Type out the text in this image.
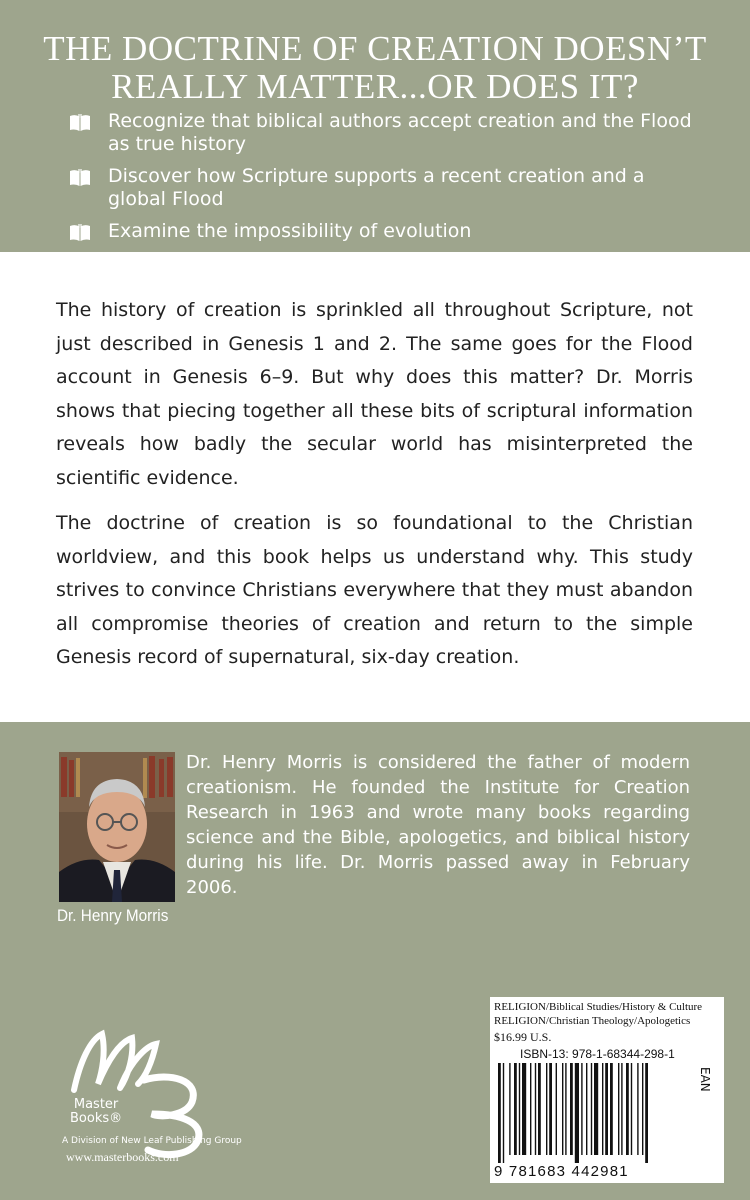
THE DOCTRINE OF CREATION DOESN’T
REALLY MATTER...OR DOES IT?
Recognize that biblical authors accept creation and the Flood as true history
Discover how Scripture supports a recent creation and a global Flood
Examine the impossibility of evolution

The history of creation is sprinkled all throughout Scripture, not just described in Genesis 1 and 2. The same goes for the Flood account in Genesis 6–9. But why does this matter? Dr. Morris shows that piecing together all these bits of scriptural information reveals how badly the secular world has misinterpreted the scientific evidence.

The doctrine of creation is so foundational to the Christian worldview, and this book helps us understand why. This study strives to convince Christians everywhere that they must abandon all compromise theories of creation and return to the simple Genesis record of supernatural, six-day creation.

Dr. Henry Morris

Dr. Henry Morris is considered the father of modern creationism. He founded the Institute for Creation Research in 1963 and wrote many books regarding science and the Bible, apologetics, and biblical history during his life. Dr. Morris passed away in February 2006.

Master
Books®
A Division of New Leaf Publishing Group
www.masterbooks.com
RELIGION/Biblical Studies/History & Culture
RELIGION/Christian Theology/Apologetics
$16.99 U.S.
ISBN-13: 978-1-68344-298-1
EAN
9 781683 442981
